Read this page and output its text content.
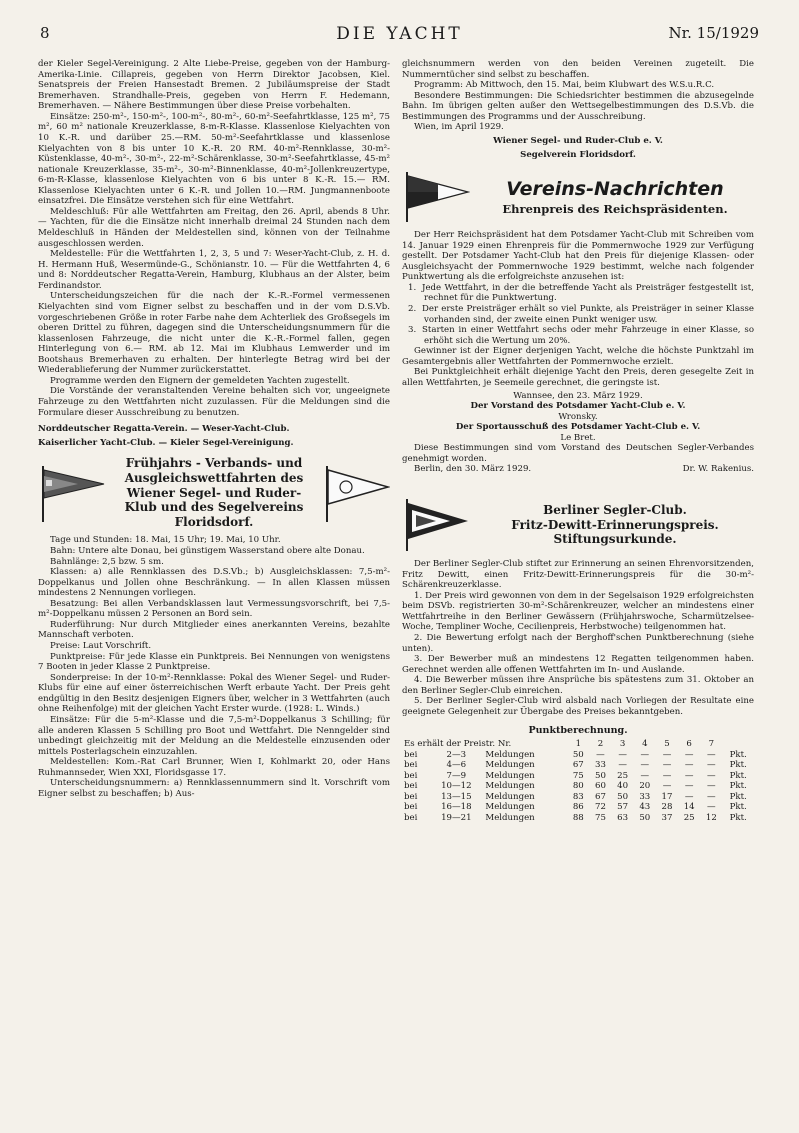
8	DIE YACHT	Nr. 15/1929

der Kieler Segel-Vereinigung. 2 Alte Liebe-Preise, gegeben von der Hamburg-Amerika-Linie. Cillapreis, gegeben von Herrn Direktor Jacobsen, Kiel. Senatspreis der Freien Hansestadt Bremen. 2 Jubiläumspreise der Stadt Bremerhaven. Strandhalle-Preis, gegeben von Herrn F. Hedemann, Bremerhaven. — Nähere Bestimmungen über diese Preise vorbehalten.

Einsätze: 250-m²-, 150-m²-, 100-m²-, 80-m²-, 60-m²-Seefahrtklasse, 125 m², 75 m², 60 m² nationale Kreuzerklasse, 8-m-R-Klasse. Klassenlose Kielyachten von 10 K.-R. und darüber 25.—RM. 50-m²-Seefahrtklasse und klassenlose Kielyachten von 8 bis unter 10 K.-R. 20 RM. 40-m²-Rennklasse, 30-m²-Küstenklasse, 40-m²-, 30-m²-, 22-m²-Schärenklasse, 30-m²-Seefahrtklasse, 45-m² nationale Kreuzerklasse, 35-m²-, 30-m²-Binnenklasse, 40-m²-Jollenkreuzertype, 6-m-R-Klasse, klassenlose Kielyachten von 6 bis unter 8 K.-R. 15.— RM. Klassenlose Kielyachten unter 6 K.-R. und Jollen 10.—RM. Jungmannenboote einsatzfrei. Die Einsätze verstehen sich für eine Wettfahrt.

Meldeschluß: Für alle Wettfahrten am Freitag, den 26. April, abends 8 Uhr. — Yachten, für die die Einsätze nicht innerhalb dreimal 24 Stunden nach dem Meldeschluß in Händen der Meldestellen sind, können von der Teilnahme ausgeschlossen werden.

Meldestelle: Für die Wettfahrten 1, 2, 3, 5 und 7: Weser-Yacht-Club, z. H. d. H. Hermann Huß, Wesermünde-G., Schönianstr. 10. — Für die Wettfahrten 4, 6 und 8: Norddeutscher Regatta-Verein, Hamburg, Klubhaus an der Alster, beim Ferdinandstor.

Unterscheidungszeichen für die nach der K.-R.-Formel vermessenen Kielyachten sind vom Eigner selbst zu beschaffen und in der vom D.S.Vb. vorgeschriebenen Größe in roter Farbe nahe dem Achterliek des Großsegels im oberen Drittel zu führen, dagegen sind die Unterscheidungsnummern für die klassenlosen Fahrzeuge, die nicht unter die K.-R.-Formel fallen, gegen Hinterlegung von 6.— RM. ab 12. Mai im Klubhaus Lemwerder und im Bootshaus Bremerhaven zu erhalten. Der hinterlegte Betrag wird bei der Wiederablieferung der Nummer zurückerstattet.

Programme werden den Eignern der gemeldeten Yachten zugestellt.

Die Vorstände der veranstaltenden Vereine behalten sich vor, ungeeignete Fahrzeuge zu den Wettfahrten nicht zuzulassen. Für die Meldungen sind die Formulare dieser Ausschreibung zu benutzen.

Norddeutscher Regatta-Verein. — Weser-Yacht-Club.

Kaiserlicher Yacht-Club. — Kieler Segel-Vereinigung.

Frühjahrs - Verbands- und Ausgleichswettfahrten des Wiener Segel- und Ruder-Klub und des Segelvereins Floridsdorf.

Tage und Stunden: 18. Mai, 15 Uhr; 19. Mai, 10 Uhr.

Bahn: Untere alte Donau, bei günstigem Wasserstand obere alte Donau.

Bahnlänge: 2,5 bzw. 5 sm.

Klassen: a) alle Rennklassen des D.S.Vb.; b) Ausgleichsklassen: 7,5-m²-Doppelkanus und Jollen ohne Beschränkung. — In allen Klassen müssen mindestens 2 Nennungen vorliegen.

Besatzung: Bei allen Verbandsklassen laut Vermessungsvorschrift, bei 7,5-m²-Doppelkanu müssen 2 Personen an Bord sein.

Ruderführung: Nur durch Mitglieder eines anerkannten Vereins, bezahlte Mannschaft verboten.

Preise: Laut Vorschrift.

Punktpreise: Für jede Klasse ein Punktpreis. Bei Nennungen von wenigstens 7 Booten in jeder Klasse 2 Punktpreise.

Sonderpreise: In der 10-m²-Rennklasse: Pokal des Wiener Segel- und Ruder-Klubs für eine auf einer österreichischen Werft erbaute Yacht. Der Preis geht endgültig in den Besitz desjenigen Eigners über, welcher in 3 Wettfahrten (auch ohne Reihenfolge) mit der gleichen Yacht Erster wurde. (1928: L. Winds.)

Einsätze: Für die 5-m²-Klasse und die 7,5-m²-Doppelkanus 3 Schilling; für alle anderen Klassen 5 Schilling pro Boot und Wettfahrt. Die Nenngelder sind unbedingt gleichzeitig mit der Meldung an die Meldestelle einzusenden oder mittels Posterlagschein einzuzahlen.

Meldestellen: Kom.-Rat Carl Brunner, Wien I, Kohlmarkt 20, oder Hans Ruhmannseder, Wien XXI, Floridsgasse 17.

Unterscheidungsnummern: a) Rennklassennummern sind lt. Vorschrift vom Eigner selbst zu beschaffen; b) Aus-

gleichsnummern werden von den beiden Vereinen zugeteilt. Die Nummerntücher sind selbst zu beschaffen.

Programm: Ab Mittwoch, den 15. Mai, beim Klubwart des W.S.u.R.C.

Besondere Bestimmungen: Die Schiedsrichter bestimmen die abzusegelnde Bahn. Im übrigen gelten außer den Wettsegelbestimmungen des D.S.Vb. die Bestimmungen des Programms und der Ausschreibung.

Wien, im April 1929.

Wiener Segel- und Ruder-Club e. V.

Segelverein Floridsdorf.

Vereins-Nachrichten
Ehrenpreis des Reichspräsidenten.

Der Herr Reichspräsident hat dem Potsdamer Yacht-Club mit Schreiben vom 14. Januar 1929 einen Ehrenpreis für die Pommernwoche 1929 zur Verfügung gestellt. Der Potsdamer Yacht-Club hat den Preis für diejenige Klassen- oder Ausgleichsyacht der Pommernwoche 1929 bestimmt, welche nach folgender Punktwertung als die erfolgreichste anzusehen ist:

1. Jede Wettfahrt, in der die betreffende Yacht als Preisträger festgestellt ist, rechnet für die Punktwertung.

2. Der erste Preisträger erhält so viel Punkte, als Preisträger in seiner Klasse vorhanden sind, der zweite einen Punkt weniger usw.

3. Starten in einer Wettfahrt sechs oder mehr Fahrzeuge in einer Klasse, so erhöht sich die Wertung um 20%.

Gewinner ist der Eigner derjenigen Yacht, welche die höchste Punktzahl im Gesamtergebnis aller Wettfahrten der Pommernwoche erzielt.

Bei Punktgleichheit erhält diejenige Yacht den Preis, deren gesegelte Zeit in allen Wettfahrten, je Seemeile gerechnet, die geringste ist.

Wannsee, den 23. März 1929.

Der Vorstand des Potsdamer Yacht-Club e. V.

Wronsky.

Der Sportausschuß des Potsdamer Yacht-Club e. V.

Le Bret.

Diese Bestimmungen sind vom Vorstand des Deutschen Segler-Verbandes genehmigt worden.

Berlin, den 30. März 1929.	Dr. W. Rakenius.

Berliner Segler-Club.
Fritz-Dewitt-Erinnerungspreis.
Stiftungsurkunde.

Der Berliner Segler-Club stiftet zur Erinnerung an seinen Ehrenvorsitzenden, Fritz Dewitt, einen Fritz-Dewitt-Erinnerungspreis für die 30-m²-Schärenkreuzerklasse.

1. Der Preis wird gewonnen von dem in der Segelsaison 1929 erfolgreichsten beim DSVb. registrierten 30-m²-Schärenkreuzer, welcher an mindestens einer Wettfahrtreihe in den Berliner Gewässern (Frühjahrswoche, Scharmützelsee-Woche, Templiner Woche, Cecilienpreis, Herbstwoche) teilgenommen hat.

2. Die Bewertung erfolgt nach der Berghoff'schen Punktberechnung (siehe unten).

3. Der Bewerber muß an mindestens 12 Regatten teilgenommen haben. Gerechnet werden alle offenen Wettfahrten im In- und Auslande.

4. Die Bewerber müssen ihre Ansprüche bis spätestens zum 31. Oktober an den Berliner Segler-Club einreichen.

5. Der Berliner Segler-Club wird alsbald nach Vorliegen der Resultate eine geeignete Gelegenheit zur Übergabe des Preises bekanntgeben.

Punktberechnung.

Es erhält der Preistr. Nr.			1	2	3	4	5	6	7	
bei	2—3	Meldungen	50	—	—	—	—	—	—	Pkt.
bei	4—6	Meldungen	67	33	—	—	—	—	—	Pkt.
bei	7—9	Meldungen	75	50	25	—	—	—	—	Pkt.
bei	10—12	Meldungen	80	60	40	20	—	—	—	Pkt.
bei	13—15	Meldungen	83	67	50	33	17	—	—	Pkt.
bei	16—18	Meldungen	86	72	57	43	28	14	—	Pkt.
bei	19—21	Meldungen	88	75	63	50	37	25	12	Pkt.
